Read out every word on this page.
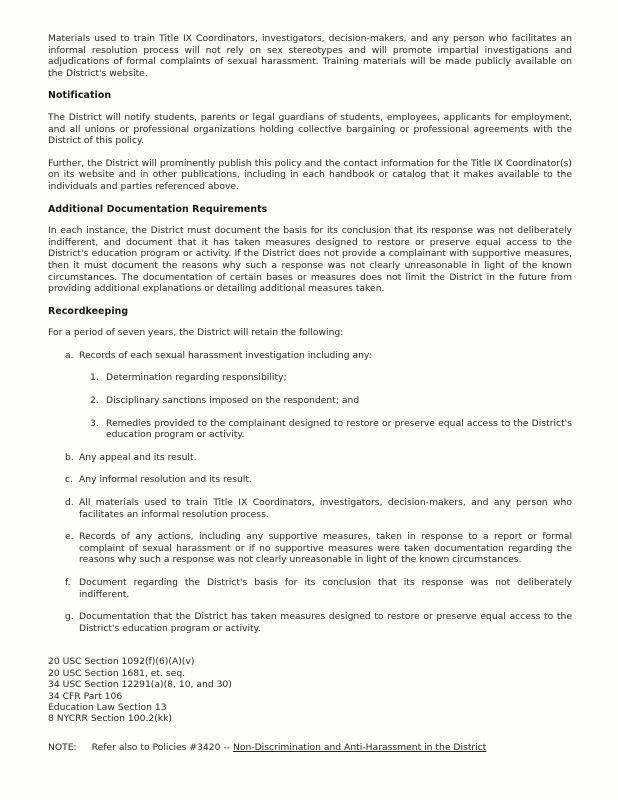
Materials used to train Title IX Coordinators, investigators, decision-makers, and any person who facilitates an informal resolution process will not rely on sex stereotypes and will promote impartial investigations and adjudications of formal complaints of sexual harassment. Training materials will be made publicly available on the District's website.

Notification

The District will notify students, parents or legal guardians of students, employees, applicants for employment, and all unions or professional organizations holding collective bargaining or professional agreements with the District of this policy.

Further, the District will prominently publish this policy and the contact information for the Title IX Coordinator(s) on its website and in other publications, including in each handbook or catalog that it makes available to the individuals and parties referenced above.

Additional Documentation Requirements

In each instance, the District must document the basis for its conclusion that its response was not deliberately indifferent, and document that it has taken measures designed to restore or preserve equal access to the District's education program or activity. If the District does not provide a complainant with supportive measures, then it must document the reasons why such a response was not clearly unreasonable in light of the known circumstances. The documentation of certain bases or measures does not limit the District in the future from providing additional explanations or detailing additional measures taken.

Recordkeeping

For a period of seven years, the District will retain the following:

a. Records of each sexual harassment investigation including any:
1. Determination regarding responsibility;
2. Disciplinary sanctions imposed on the respondent; and
3. Remedies provided to the complainant designed to restore or preserve equal access to the District's education program or activity.
b. Any appeal and its result.
c. Any informal resolution and its result.
d. All materials used to train Title IX Coordinators, investigators, decision-makers, and any person who facilitates an informal resolution process.
e. Records of any actions, including any supportive measures, taken in response to a report or formal complaint of sexual harassment or if no supportive measures were taken documentation regarding the reasons why such a response was not clearly unreasonable in light of the known circumstances.
f. Document regarding the District's basis for its conclusion that its response was not deliberately indifferent.
g. Documentation that the District has taken measures designed to restore or preserve equal access to the District's education program or activity.
20 USC Section 1092(f)(6)(A)(v)
20 USC Section 1681, et. seq.
34 USC Section 12291(a)(8, 10, and 30)
34 CFR Part 106
Education Law Section 13
8 NYCRR Section 100.2(kk)
NOTE: Refer also to Policies #3420 -- Non-Discrimination and Anti-Harassment in the District
